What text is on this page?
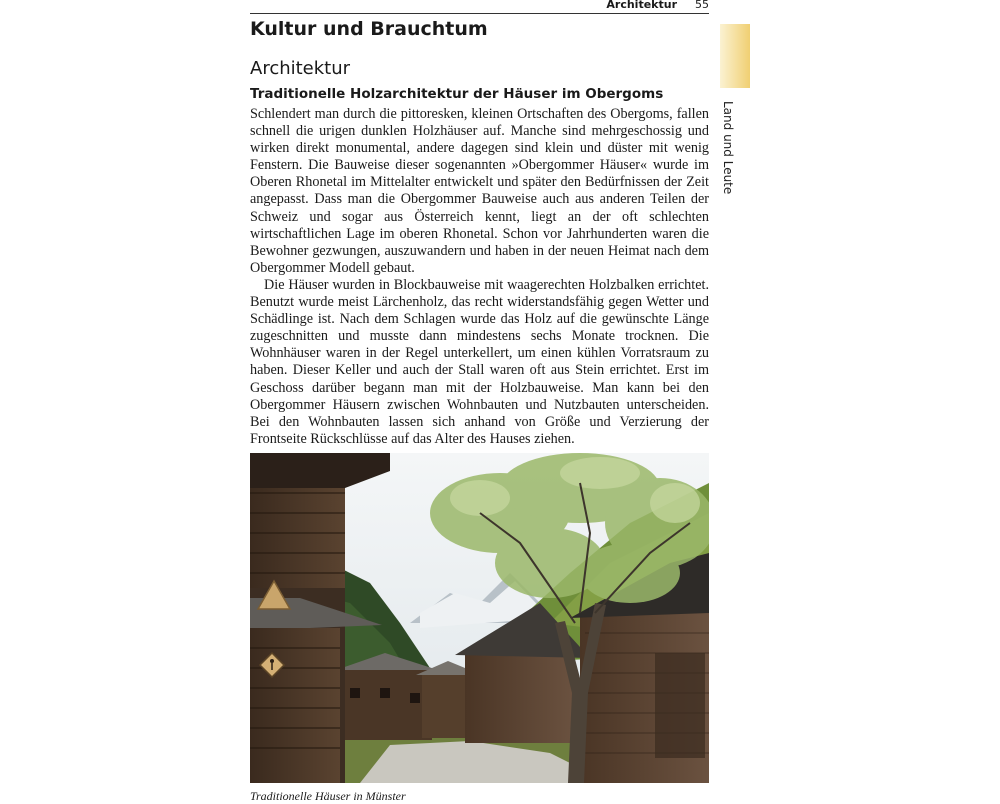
Architektur 55
Land und Leute
Kultur und Brauchtum
Architektur
Traditionelle Holzarchitektur der Häuser im Obergoms

Schlendert man durch die pittoresken, kleinen Ortschaften des Obergoms, fallen schnell die urigen dunklen Holzhäuser auf. Manche sind mehrgeschossig und wirken direkt monumental, andere dagegen sind klein und düster mit wenig Fenstern. Die Bauweise dieser sogenannten »Obergommer Häuser« wurde im Oberen Rhonetal im Mittelalter entwickelt und später den Bedürfnissen der Zeit angepasst. Dass man die Obergommer Bauweise auch aus anderen Teilen der Schweiz und sogar aus Österreich kennt, liegt an der oft schlechten wirtschaftlichen Lage im oberen Rhonetal. Schon vor Jahrhunderten waren die Bewohner gezwungen, auszuwandern und haben in der neuen Heimat nach dem Obergommer Modell gebaut.

Die Häuser wurden in Blockbauweise mit waagerechten Holzbalken errichtet. Benutzt wurde meist Lärchenholz, das recht widerstandsfähig gegen Wetter und Schädlinge ist. Nach dem Schlagen wurde das Holz auf die gewünschte Länge zugeschnitten und musste dann mindestens sechs Monate trocknen. Die Wohnhäuser waren in der Regel unterkellert, um einen kühlen Vorratsraum zu haben. Dieser Keller und auch der Stall waren oft aus Stein errichtet. Erst im Geschoss darüber begann man mit der Holzbauweise. Man kann bei den Obergommer Häusern zwischen Wohnbauten und Nutzbauten unterscheiden. Bei den Wohnbauten lassen sich anhand von Größe und Verzierung der Frontseite Rückschlüsse auf das Alter des Hauses ziehen.

Traditionelle Häuser in Münster
